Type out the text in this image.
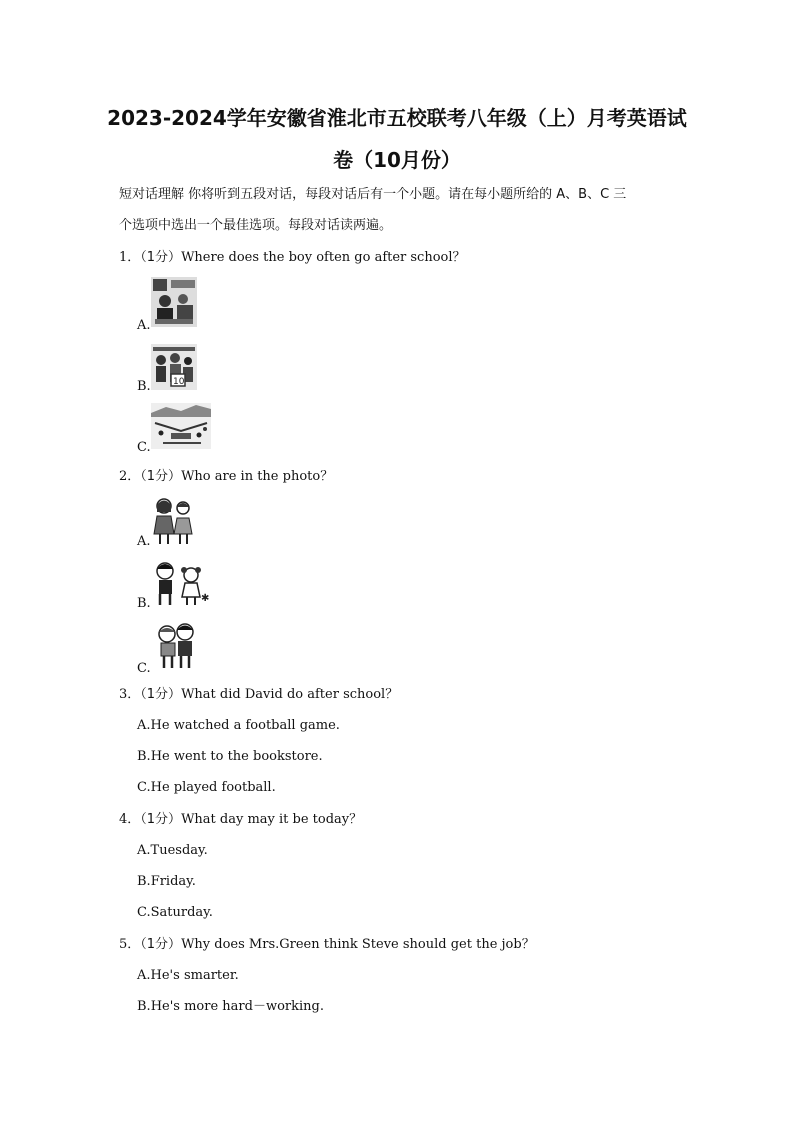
2023-2024学年安徽省淮北市五校联考八年级（上）月考英语试
卷（10月份）
短对话理解 你将听到五段对话，每段对话后有一个小题。请在每小题所给的 A、B、C 三
个选项中选出一个最佳选项。每段对话读两遍。
1．（1分）Where does the boy often go after school？
A.
B. 10
C.
2．（1分）Who are in the photo？
A.
B.	✱
C.
3．（1分）What did David do after school？
A.He watched a football game.
B.He went to the bookstore.
C.He played football.
4．（1分）What day may it be today？
A.Tuesday.
B.Friday.
C.Saturday.
5．（1分）Why does Mrs.Green think Steve should get the job？
A.He's smarter.
B.He's more hard－working.
